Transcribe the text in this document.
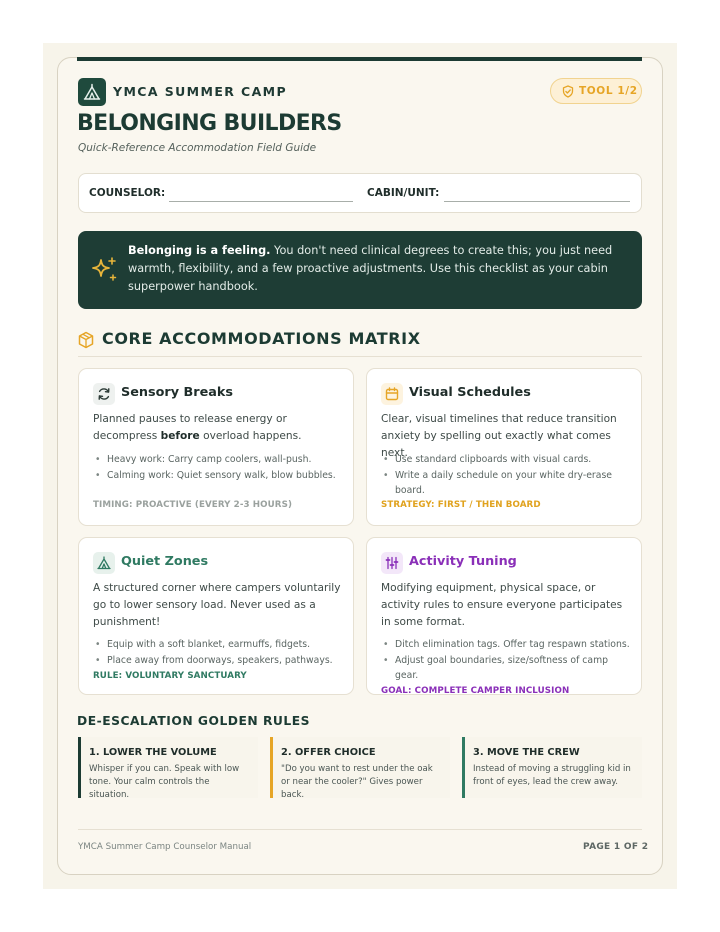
YMCA SUMMER CAMP	TOOL 1/2
BELONGING BUILDERS
Quick-Reference Accommodation Field Guide
COUNSELOR:	CABIN/UNIT:
Belonging is a feeling. You don't need clinical degrees to create this; you just need warmth, flexibility, and a few proactive adjustments. Use this checklist as your cabin superpower handbook.
CORE ACCOMMODATIONS MATRIX
Sensory Breaks
Planned pauses to release energy or decompress before overload happens.
• Heavy work: Carry camp coolers, wall-push.
• Calming work: Quiet sensory walk, blow bubbles.
TIMING: PROACTIVE (EVERY 2-3 HOURS)
Visual Schedules
Clear, visual timelines that reduce transition anxiety by spelling out exactly what comes next.
• Use standard clipboards with visual cards.
• Write a daily schedule on your white dry-erase board.
STRATEGY: FIRST / THEN BOARD
Quiet Zones
A structured corner where campers voluntarily go to lower sensory load. Never used as a punishment!
• Equip with a soft blanket, earmuffs, fidgets.
• Place away from doorways, speakers, pathways.
RULE: VOLUNTARY SANCTUARY
Activity Tuning
Modifying equipment, physical space, or activity rules to ensure everyone participates in some format.
• Ditch elimination tags. Offer tag respawn stations.
• Adjust goal boundaries, size/softness of camp gear.
GOAL: COMPLETE CAMPER INCLUSION
DE-ESCALATION GOLDEN RULES
1. LOWER THE VOLUME
Whisper if you can. Speak with low tone. Your calm controls the situation.
2. OFFER CHOICE
"Do you want to rest under the oak or near the cooler?" Gives power back.
3. MOVE THE CREW
Instead of moving a struggling kid in front of eyes, lead the crew away.
YMCA Summer Camp Counselor Manual	PAGE 1 OF 2
